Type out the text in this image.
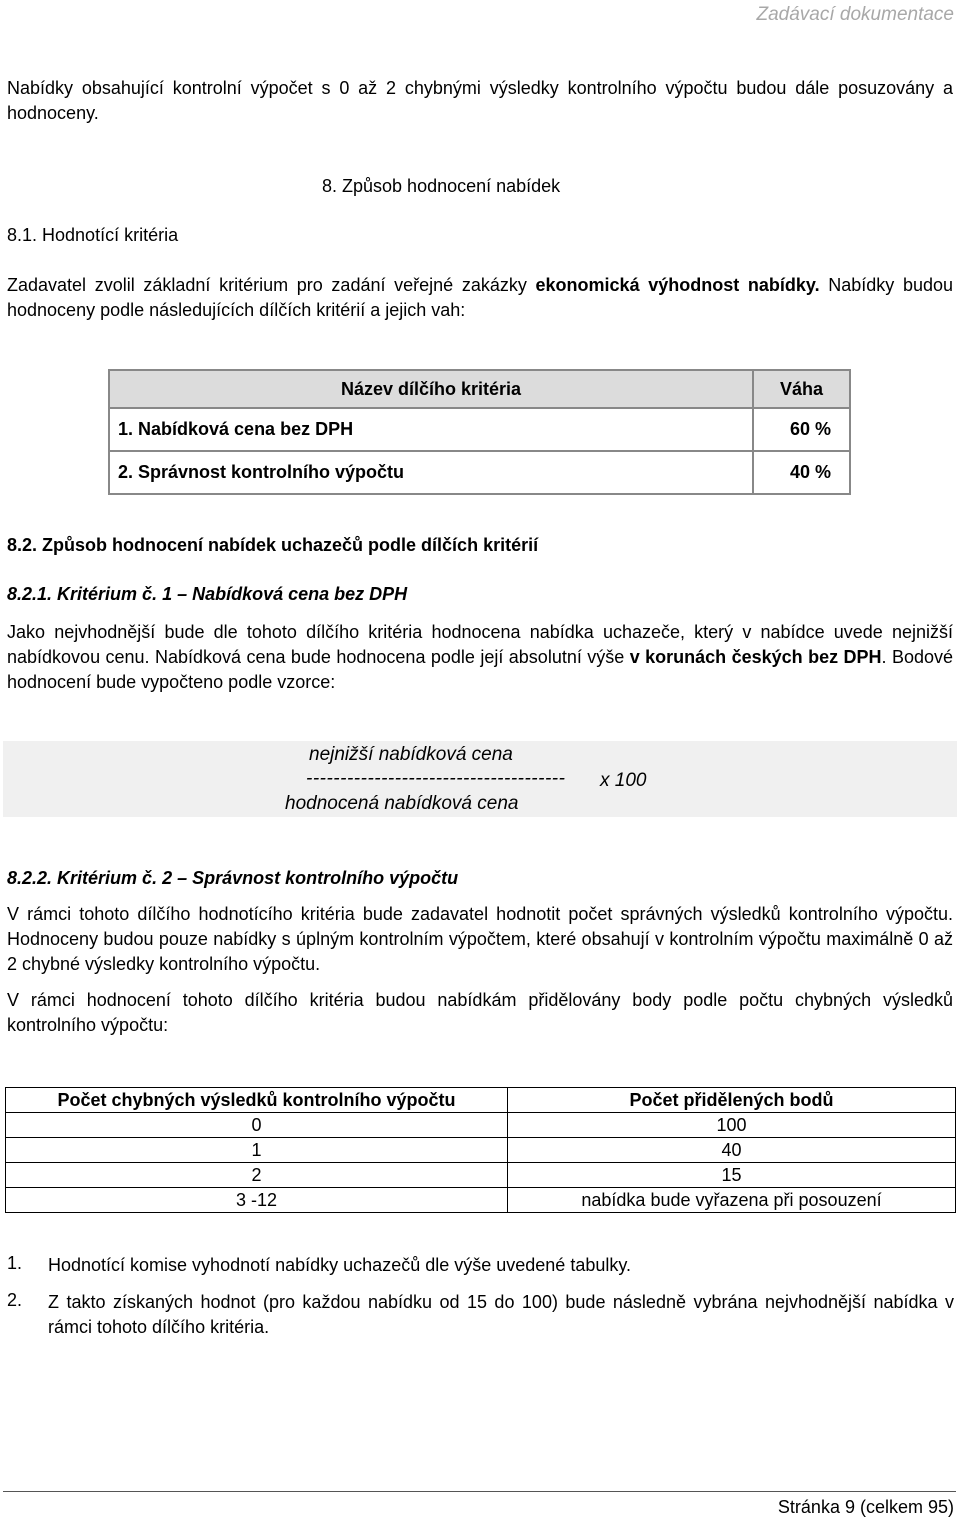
Zadávací dokumentace

Nabídky obsahující kontrolní výpočet s 0 až 2 chybnými výsledky kontrolního výpočtu budou dále posuzovány a hodnoceny.

8. Způsob hodnocení nabídek
8.1. Hodnotící kritéria

Zadavatel zvolil základní kritérium pro zadání veřejné zakázky ekonomická výhodnost nabídky. Nabídky budou hodnoceny podle následujících dílčích kritérií a jejich vah:

Název dílčího kritéria	Váha
1. Nabídková cena bez DPH	60 %
2. Správnost kontrolního výpočtu	40 %
8.2. Způsob hodnocení nabídek uchazečů podle dílčích kritérií
8.2.1. Kritérium č. 1 – Nabídková cena bez DPH

Jako nejvhodnější bude dle tohoto dílčího kritéria hodnocena nabídka uchazeče, který v nabídce uvede nejnižší nabídkovou cenu. Nabídková cena bude hodnocena podle její absolutní výše v korunách českých bez DPH. Bodové hodnocení bude vypočteno podle vzorce:

nejnižší nabídková cena
-------------------------------------- x 100
hodnocená nabídková cena
8.2.2. Kritérium č. 2 – Správnost kontrolního výpočtu

V rámci tohoto dílčího hodnotícího kritéria bude zadavatel hodnotit počet správných výsledků kontrolního výpočtu. Hodnoceny budou pouze nabídky s úplným kontrolním výpočtem, které obsahují v kontrolním výpočtu maximálně 0 až 2 chybné výsledky kontrolního výpočtu.

V rámci hodnocení tohoto dílčího kritéria budou nabídkám přidělovány body podle počtu chybných výsledků kontrolního výpočtu:

Počet chybných výsledků kontrolního výpočtu	Počet přidělených bodů
0	100
1	40
2	15
3 -12	nabídka bude vyřazena při posouzení
1. Hodnotící komise vyhodnotí nabídky uchazečů dle výše uvedené tabulky.

2. Z takto získaných hodnot (pro každou nabídku od 15 do 100) bude následně vybrána nejvhodnější nabídka v rámci tohoto dílčího kritéria.

Stránka 9 (celkem 95)
